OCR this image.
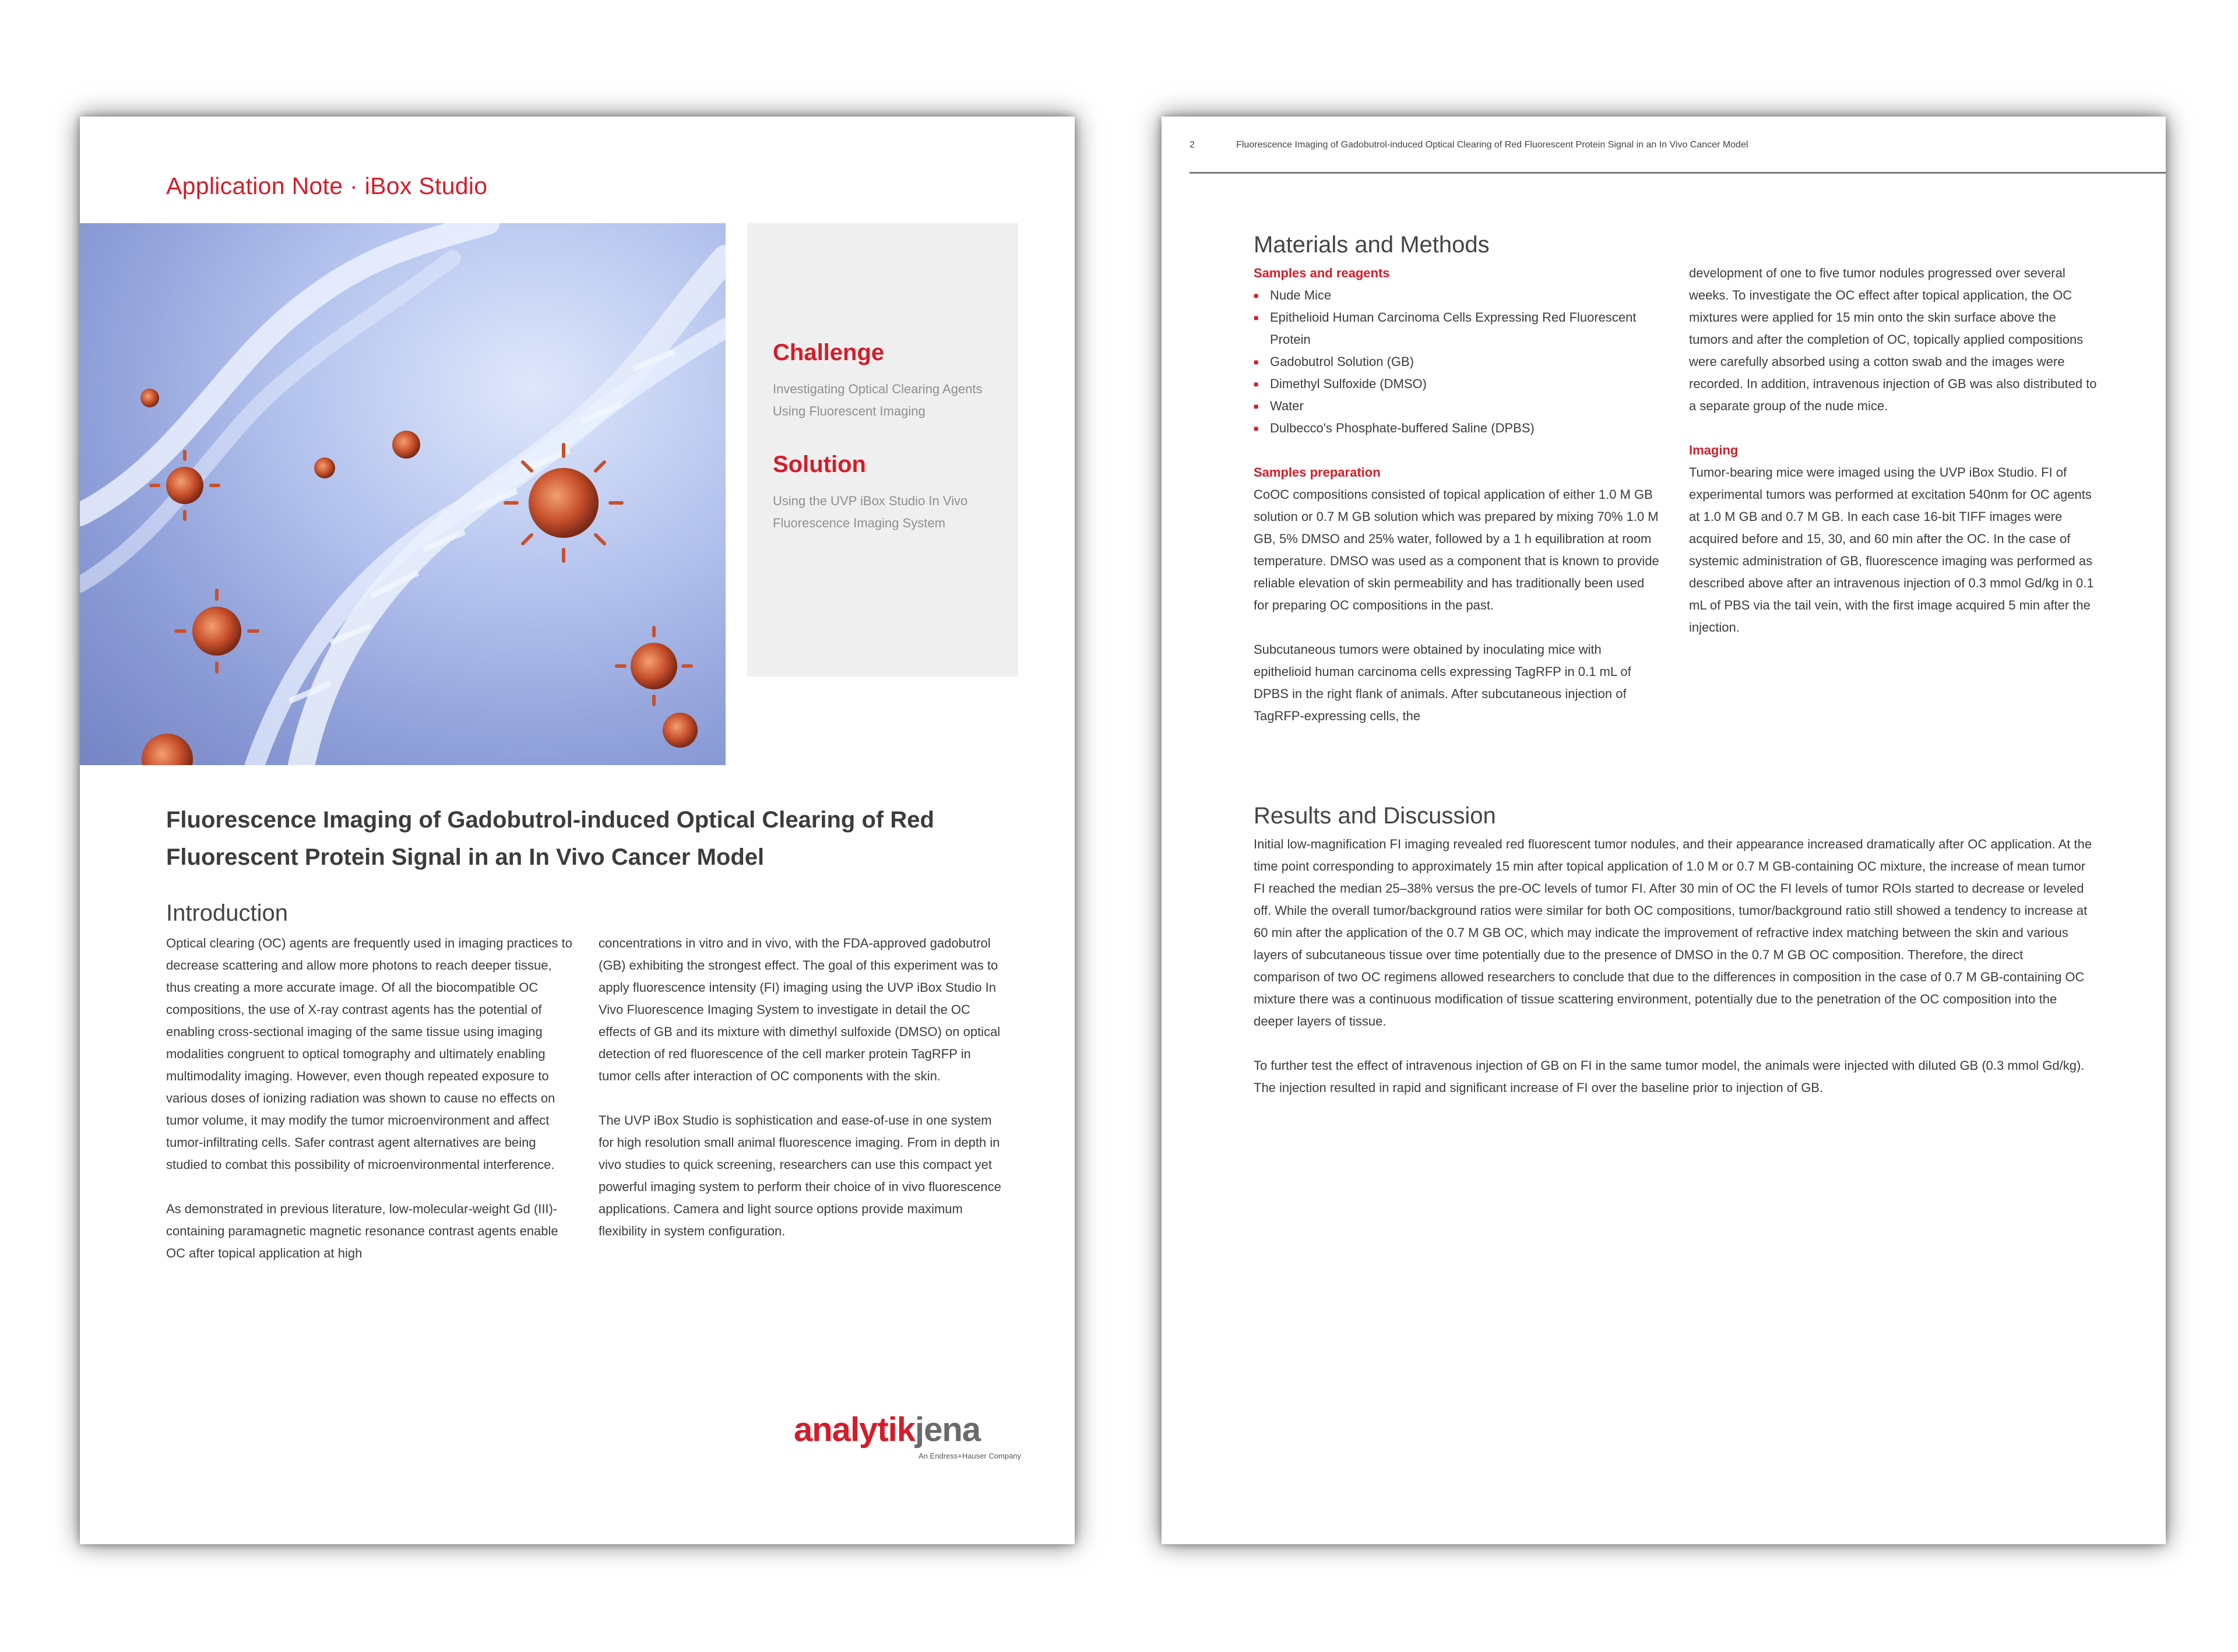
Application Note · iBox Studio
Challenge
Investigating Optical Clearing Agents Using Fluorescent Imaging
Solution
Using the UVP iBox Studio In Vivo Fluorescence Imaging System
Fluorescence Imaging of Gadobutrol-induced Optical Clearing of Red
Fluorescent Protein Signal in an In Vivo Cancer Model
Introduction

Optical clearing (OC) agents are frequently used in imaging practices to decrease scattering and allow more photons to reach deeper tissue, thus creating a more accurate image. Of all the biocompatible OC compositions, the use of X-ray contrast agents has the potential of enabling cross-sectional imaging of the same tissue using imaging modalities congruent to optical tomography and ultimately enabling multimodality imaging. However, even though repeated exposure to various doses of ionizing radiation was shown to cause no effects on tumor volume, it may modify the tumor microenvironment and affect tumor-infiltrating cells. Safer contrast agent alternatives are being studied to combat this possibility of microenvironmental interference.

As demonstrated in previous literature, low-molecular-weight Gd (III)-containing paramagnetic magnetic resonance contrast agents enable OC after topical application at high

concentrations in vitro and in vivo, with the FDA-approved gadobutrol (GB) exhibiting the strongest effect. The goal of this experiment was to apply fluorescence intensity (FI) imaging using the UVP iBox Studio In Vivo Fluorescence Imaging System to investigate in detail the OC effects of GB and its mixture with dimethyl sulfoxide (DMSO) on optical detection of red fluorescence of the cell marker protein TagRFP in tumor cells after interaction of OC components with the skin.

The UVP iBox Studio is sophistication and ease-of-use in one system for high resolution small animal fluorescence imaging. From in depth in vivo studies to quick screening, researchers can use this compact yet powerful imaging system to perform their choice of in vivo fluorescence applications. Camera and light source options provide maximum flexibility in system configuration.

analytikjena
An Endress+Hauser Company
2	Fluorescence Imaging of Gadobutrol-induced Optical Clearing of Red Fluorescent Protein Signal in an In Vivo Cancer Model
Materials and Methods
Samples and reagents
■ Nude Mice
■ Epithelioid Human Carcinoma Cells Expressing Red Fluorescent Protein
■ Gadobutrol Solution (GB)
■ Dimethyl Sulfoxide (DMSO)
■ Water
■ Dulbecco's Phosphate-buffered Saline (DPBS)
Samples preparation

CoOC compositions consisted of topical application of either 1.0 M GB solution or 0.7 M GB solution which was prepared by mixing 70% 1.0 M GB, 5% DMSO and 25% water, followed by a 1 h equilibration at room temperature. DMSO was used as a component that is known to provide reliable elevation of skin permeability and has traditionally been used for preparing OC compositions in the past.

Subcutaneous tumors were obtained by inoculating mice with epithelioid human carcinoma cells expressing TagRFP in 0.1 mL of DPBS in the right flank of animals. After subcutaneous injection of TagRFP-expressing cells, the

development of one to five tumor nodules progressed over several weeks. To investigate the OC effect after topical application, the OC mixtures were applied for 15 min onto the skin surface above the tumors and after the completion of OC, topically applied compositions were carefully absorbed using a cotton swab and the images were recorded. In addition, intravenous injection of GB was also distributed to a separate group of the nude mice.

Imaging

Tumor-bearing mice were imaged using the UVP iBox Studio. FI of experimental tumors was performed at excitation 540nm for OC agents at 1.0 M GB and 0.7 M GB. In each case 16-bit TIFF images were acquired before and 15, 30, and 60 min after the OC. In the case of systemic administration of GB, fluorescence imaging was performed as described above after an intravenous injection of 0.3 mmol Gd/kg in 0.1 mL of PBS via the tail vein, with the first image acquired 5 min after the injection.

Results and Discussion

Initial low-magnification FI imaging revealed red fluorescent tumor nodules, and their appearance increased dramatically after OC application. At the time point corresponding to approximately 15 min after topical application of 1.0 M or 0.7 M GB-containing OC mixture, the increase of mean tumor FI reached the median 25–38% versus the pre-OC levels of tumor FI. After 30 min of OC the FI levels of tumor ROIs started to decrease or leveled off. While the overall tumor/background ratios were similar for both OC compositions, tumor/background ratio still showed a tendency to increase at 60 min after the application of the 0.7 M GB OC, which may indicate the improvement of refractive index matching between the skin and various layers of subcutaneous tissue over time potentially due to the presence of DMSO in the 0.7 M GB OC composition. Therefore, the direct comparison of two OC regimens allowed researchers to conclude that due to the differences in composition in the case of 0.7 M GB-containing OC mixture there was a continuous modification of tissue scattering environment, potentially due to the penetration of the OC composition into the deeper layers of tissue.

To further test the effect of intravenous injection of GB on FI in the same tumor model, the animals were injected with diluted GB (0.3 mmol Gd/kg). The injection resulted in rapid and significant increase of FI over the baseline prior to injection of GB.
